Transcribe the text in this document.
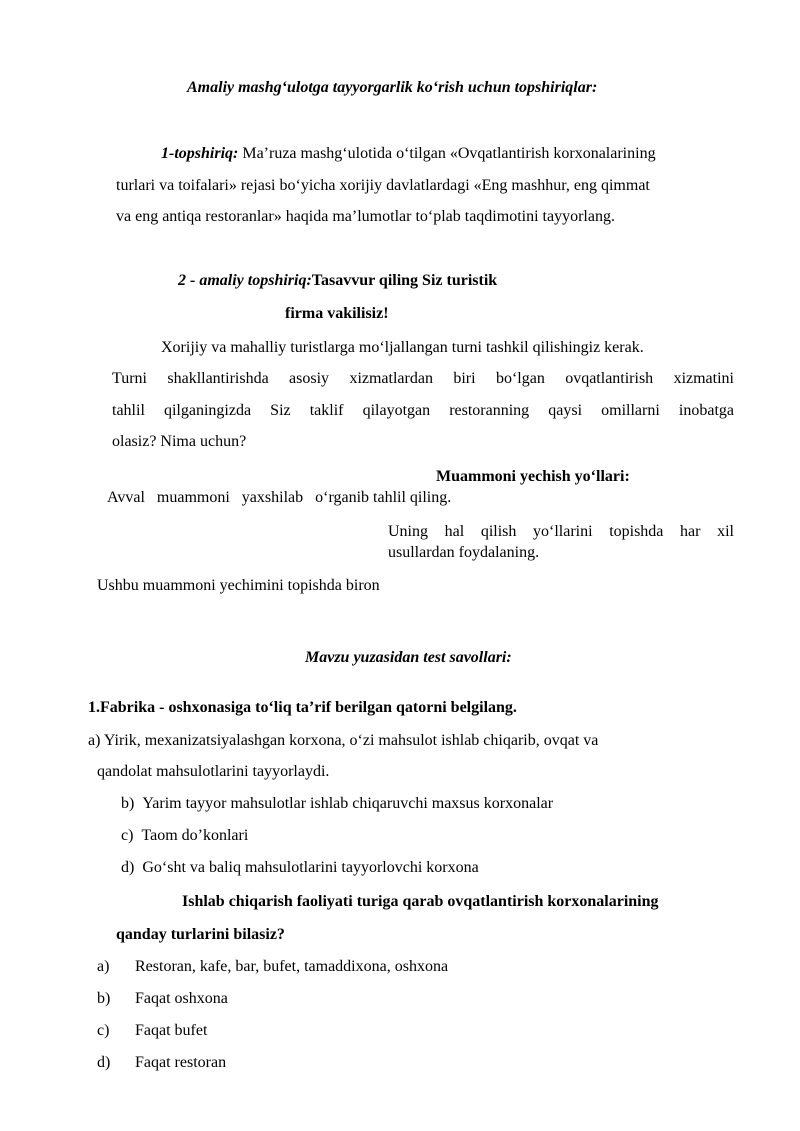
Amaliy mashg‘ulotga tayyorgarlik ko‘rish uchun topshiriqlar:
1-topshiriq: Ma’ruza mashg‘ulotida o‘tilgan «Ovqatlantirish korxonalarining
turlari va toifalari» rejasi bo‘yicha xorijiy davlatlardagi «Eng mashhur, eng qimmat
va eng antiqa restoranlar» haqida ma’lumotlar to‘plab taqdimotini tayyorlang.
2 - amaliy topshiriq:Tasavvur qiling Siz turistik
firma vakilisiz!
Xorijiy va mahalliy turistlarga mo‘ljallangan turni tashkil qilishingiz kerak.
Turni shakllantirishda asosiy xizmatlardan biri bo‘lgan ovqatlantirish xizmatini
tahlil qilganingizda Siz taklif qilayotgan restoranning qaysi omillarni inobatga
olasiz? Nima uchun?
Muammoni yechish yo‘llari:
Avval   muammoni   yaxshilab   o‘rganib tahlil qiling.
Uning hal qilish yo‘llarini topishda har xil
usullardan foydalaning.
Ushbu muammoni yechimini topishda biron
Mavzu yuzasidan test savollari:
1.Fabrika - oshxonasiga to‘liq ta’rif berilgan qatorni belgilang.
a) Yirik, mexanizatsiyalashgan korxona, o‘zi mahsulot ishlab chiqarib, ovqat va
qandolat mahsulotlarini tayyorlaydi.
b) Yarim tayyor mahsulotlar ishlab chiqaruvchi maxsus korxonalar
c) Taom do’konlari
d) Go‘sht va baliq mahsulotlarini tayyorlovchi korxona
Ishlab chiqarish faoliyati turiga qarab ovqatlantirish korxonalarining
qanday turlarini bilasiz?
a) Restoran, kafe, bar, bufet, tamaddixona, oshxona
b) Faqat oshxona
c) Faqat bufet
d) Faqat restoran
